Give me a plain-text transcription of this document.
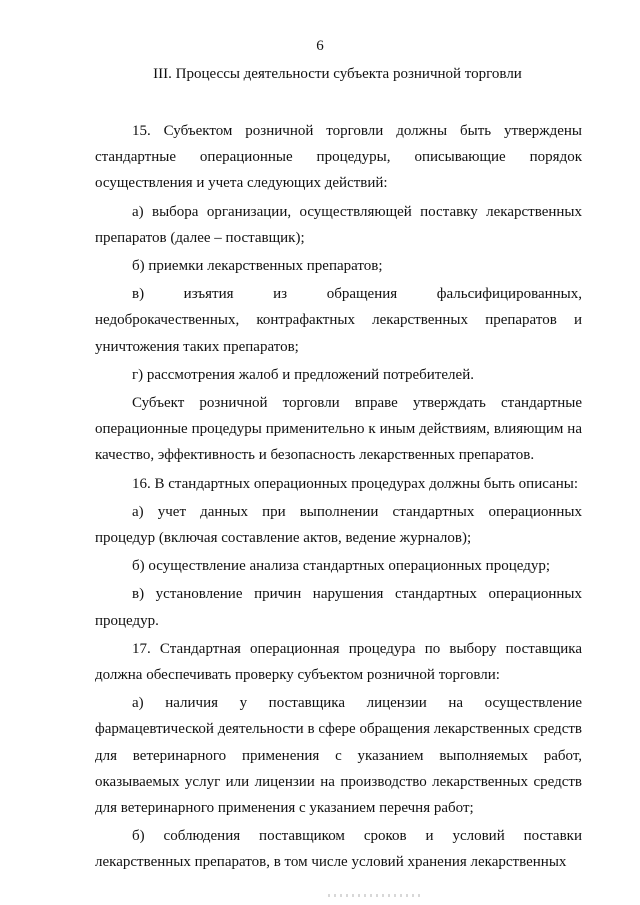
6
III. Процессы деятельности субъекта розничной торговли

15. Субъектом розничной торговли должны быть утверждены стандартные операционные процедуры, описывающие порядок осуществления и учета следующих действий:

а) выбора организации, осуществляющей поставку лекарственных препаратов (далее – поставщик);

б) приемки лекарственных препаратов;

в) изъятия из обращения фальсифицированных, недоброкачественных, контрафактных лекарственных препаратов и уничтожения таких препаратов;

г) рассмотрения жалоб и предложений потребителей.

Субъект розничной торговли вправе утверждать стандартные операционные процедуры применительно к иным действиям, влияющим на качество, эффективность и безопасность лекарственных препаратов.

16. В стандартных операционных процедурах должны быть описаны:

а) учет данных при выполнении стандартных операционных процедур (включая составление актов, ведение журналов);

б) осуществление анализа стандартных операционных процедур;

в) установление причин нарушения стандартных операционных процедур.

17. Стандартная операционная процедура по выбору поставщика должна обеспечивать проверку субъектом розничной торговли:

а) наличия у поставщика лицензии на осуществление фармацевтической деятельности в сфере обращения лекарственных средств для ветеринарного применения с указанием выполняемых работ, оказываемых услуг или лицензии на производство лекарственных средств для ветеринарного применения с указанием перечня работ;

б) соблюдения поставщиком сроков и условий поставки лекарственных препаратов, в том числе условий хранения лекарственных
